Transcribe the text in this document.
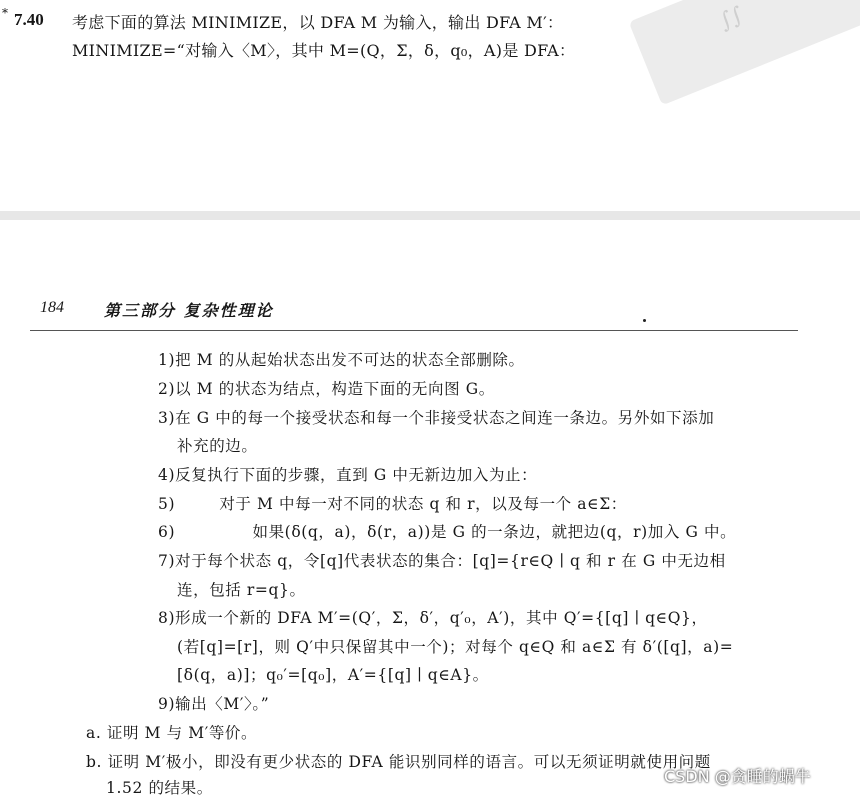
∫∫
* 7.40 考虑下面的算法 MINIMIZE，以 DFA M 为输入，输出 DFA M′：
MINIMIZE=“对输入〈M〉，其中 M=(Q，Σ，δ，q₀，A)是 DFA：
184	第三部分 复杂性理论
1)把 M 的从起始状态出发不可达的状态全部删除。
2)以 M 的状态为结点，构造下面的无向图 G。
3)在 G 中的每一个接受状态和每一个非接受状态之间连一条边。另外如下添加
补充的边。
4)反复执行下面的步骤，直到 G 中无新边加入为止：
5)        对于 M 中每一对不同的状态 q 和 r，以及每一个 a∈Σ：
6)              如果(δ(q，a)，δ(r，a))是 G 的一条边，就把边(q，r)加入 G 中。
7)对于每个状态 q，令[q]代表状态的集合：[q]={r∈Q ∣ q 和 r 在 G 中无边相
连，包括 r=q}。
8)形成一个新的 DFA M′=(Q′，Σ，δ′，q′₀，A′)，其中 Q′={[q] ∣ q∈Q}，
(若[q]=[r]，则 Q′中只保留其中一个)；对每个 q∈Q 和 a∈Σ 有 δ′([q]，a)=
[δ(q，a)]；q₀′=[q₀]，A′={[q] ∣ q∈A}。
9)输出〈M′〉。”
a. 证明 M 与 M′等价。
b. 证明 M′极小，即没有更少状态的 DFA 能识别同样的语言。可以无须证明就使用问题
1.52 的结果。
CSDN @贪睡的蜗牛
